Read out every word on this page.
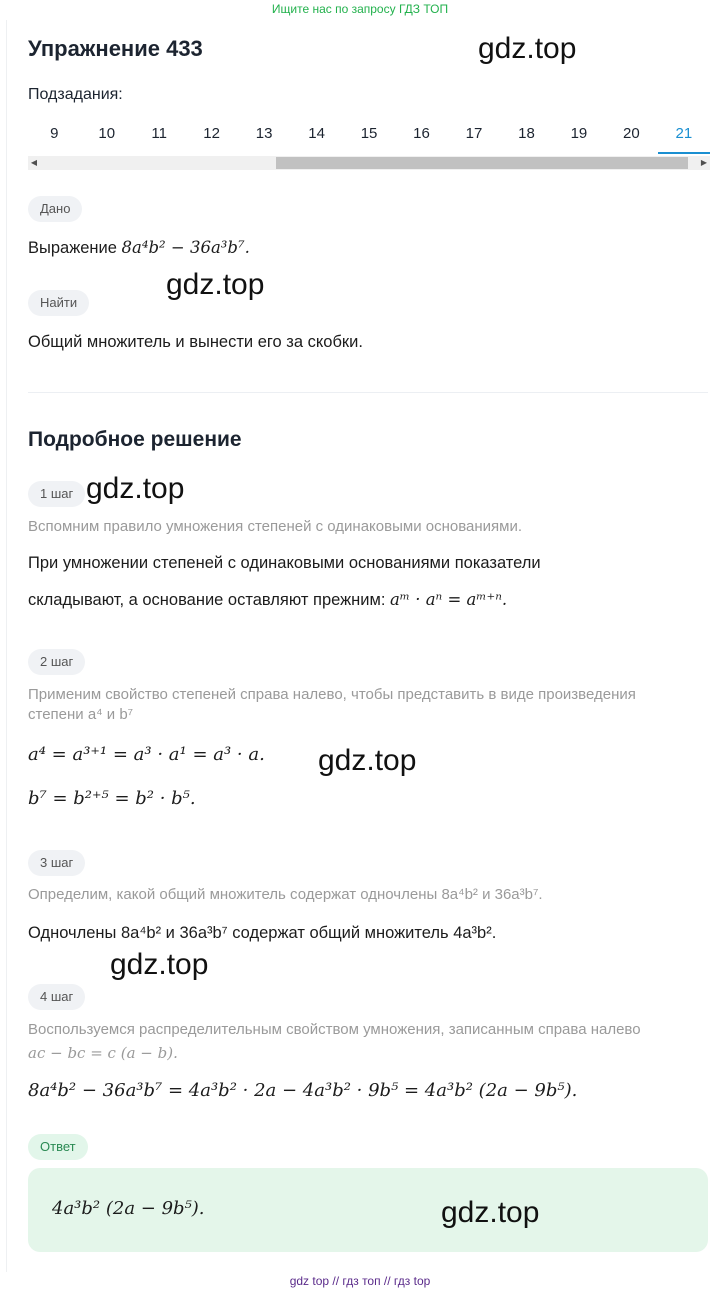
Ищите нас по запросу ГДЗ ТОП
Упражнение 433	gdz.top
Подзадания:
9	10	11	12	13	14	15	16	17	18	19	20	21
◀	▶
Дано
Выражение 8a⁴b² − 36a³b⁷.
Найти
gdz.top
Общий множитель и вынести его за скобки.
Подробное решение
1 шаг gdz.top
Вспомним правило умножения степеней с одинаковыми основаниями.
При умножении степеней с одинаковыми основаниями показатели
складывают, а основание оставляют прежним: aᵐ · aⁿ = aᵐ⁺ⁿ.
2 шаг
Применим свойство степеней справа налево, чтобы представить в виде произведения
степени a⁴ и b⁷
a⁴ = a³⁺¹ = a³ · a¹ = a³ · a. gdz.top
b⁷ = b²⁺⁵ = b² · b⁵.
3 шаг
Определим, какой общий множитель содержат одночлены 8a⁴b² и 36a³b⁷.
Одночлены 8a⁴b² и 36a³b⁷ содержат общий множитель 4a³b².
gdz.top
4 шаг
Воспользуемся распределительным свойством умножения, записанным справа налево
ac − bc = c (a − b).
8a⁴b² − 36a³b⁷ = 4a³b² · 2a − 4a³b² · 9b⁵ = 4a³b² (2a − 9b⁵).
Ответ
4a³b² (2a − 9b⁵).	gdz.top
gdz top // гдз топ // гдз top
